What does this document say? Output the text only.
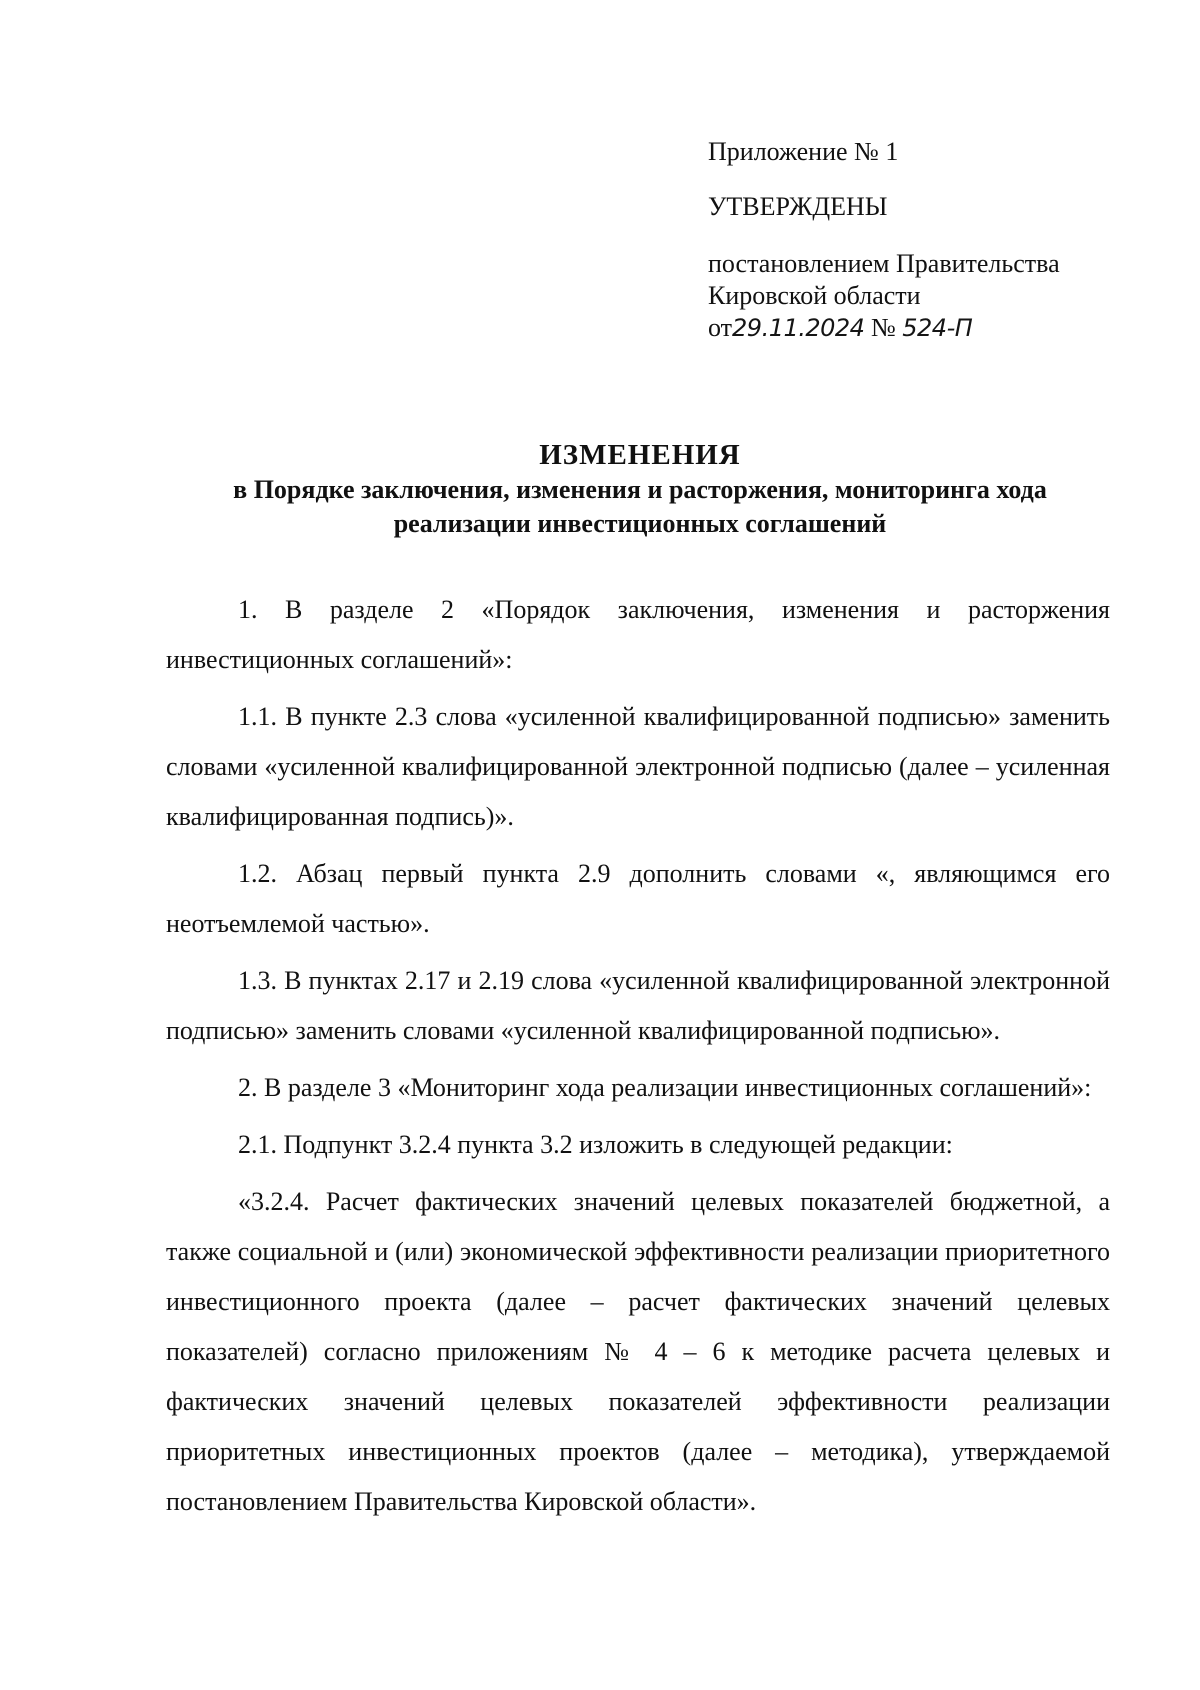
Приложение № 1
УТВЕРЖДЕНЫ
постановлением Правительства
Кировской области
от29.11.2024 № 524-П
ИЗМЕНЕНИЯ
в Порядке заключения, изменения и расторжения, мониторинга хода
реализации инвестиционных соглашений

1. В разделе 2 «Порядок заключения, изменения и расторжения инвестиционных соглашений»:

1.1. В пункте 2.3 слова «усиленной квалифицированной подписью» заменить словами «усиленной квалифицированной электронной подписью (далее – усиленная квалифицированная подпись)».

1.2. Абзац первый пункта 2.9 дополнить словами «, являющимся его неотъемлемой частью».

1.3. В пунктах 2.17 и 2.19 слова «усиленной квалифицированной электронной подписью» заменить словами «усиленной квалифицированной подписью».

2. В разделе 3 «Мониторинг хода реализации инвестиционных соглашений»:

2.1. Подпункт 3.2.4 пункта 3.2 изложить в следующей редакции:

«3.2.4. Расчет фактических значений целевых показателей бюджетной, а также социальной и (или) экономической эффективности реализации приоритетного инвестиционного проекта (далее – расчет фактических значений целевых показателей) согласно приложениям № 4 – 6 к методике расчета целевых и фактических значений целевых показателей эффективности реализации приоритетных инвестиционных проектов (далее – методика), утверждаемой постановлением Правительства Кировской области».
